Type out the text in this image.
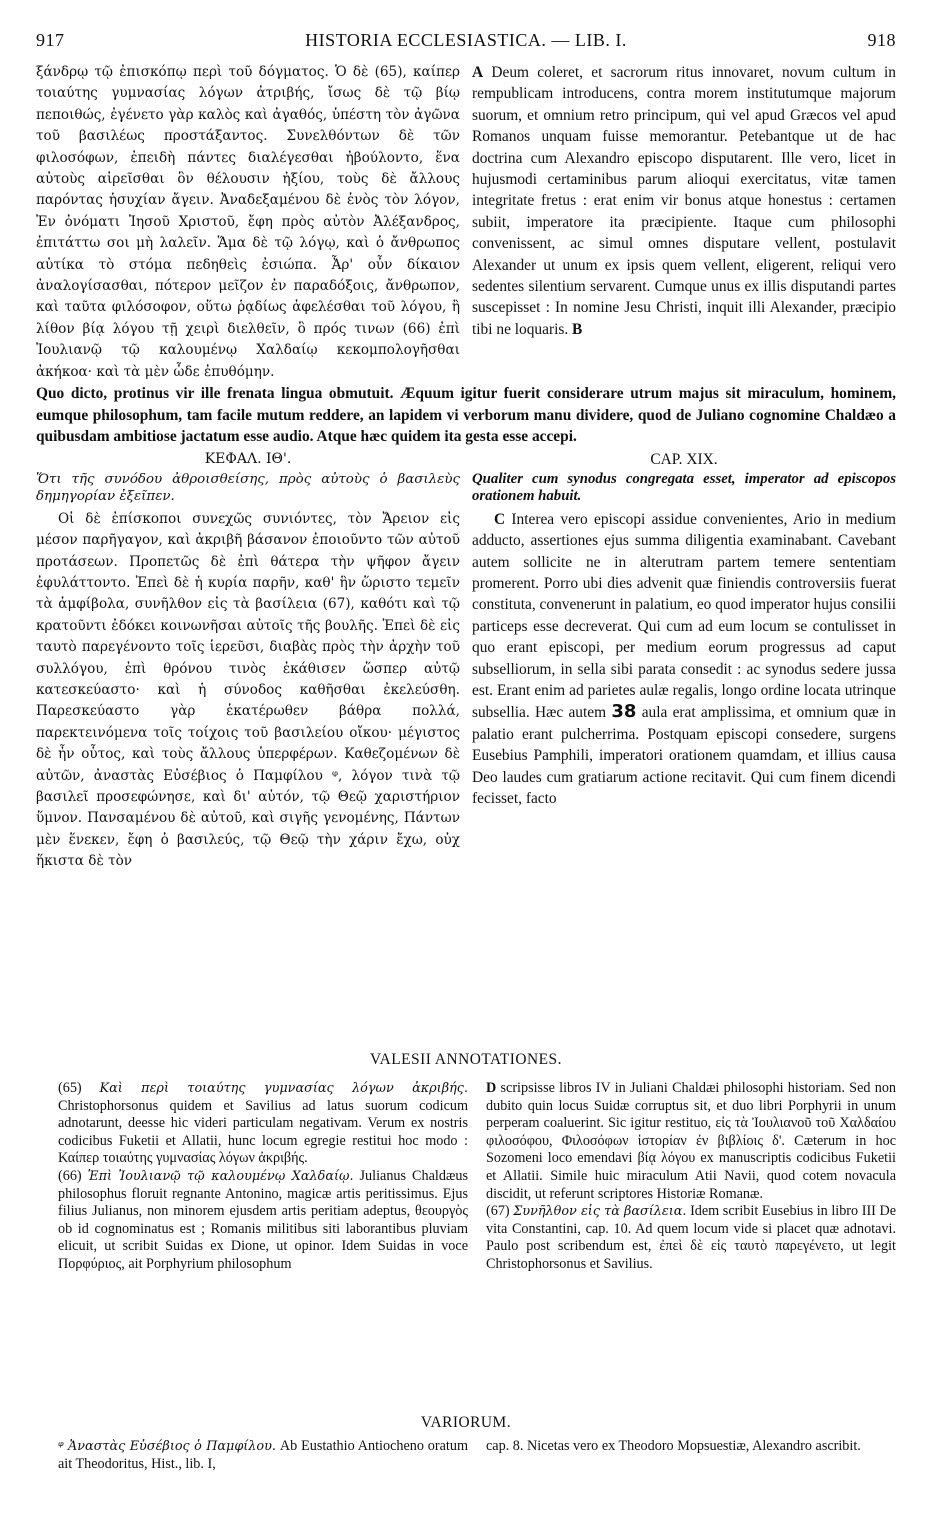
917	HISTORIA ECCLESIASTICA. — LIB. I.	918

ξάνδρῳ τῷ ἐπισκόπῳ περὶ τοῦ δόγματος. Ὁ δὲ (65), καίπερ τοιαύτης γυμνασίας λόγων ἀτριβής, ἴσως δὲ τῷ βίῳ πεποιθώς, ἐγένετο γὰρ καλὸς καὶ ἀγαθός, ὑπέστη τὸν ἀγῶνα τοῦ βασιλέως προστάξαντος. Συνελθόντων δὲ τῶν φιλοσόφων, ἐπειδὴ πάντες διαλέγεσθαι ἠβούλοντο, ἕνα αὐτοὺς αἱρεῖσθαι ὃν θέλουσιν ἠξίου, τοὺς δὲ ἄλλους παρόντας ἡσυχίαν ἄγειν. Ἀναδεξαμένου δὲ ἑνὸς τὸν λόγον, Ἐν ὀνόματι Ἰησοῦ Χριστοῦ, ἔφη πρὸς αὐτὸν Ἀλέξανδρος, ἐπιτάττω σοι μὴ λαλεῖν. Ἅμα δὲ τῷ λόγῳ, καὶ ὁ ἄνθρωπος αὐτίκα τὸ στόμα πεδηθεὶς ἐσιώπα. Ἆρ' οὖν δίκαιον ἀναλογίσασθαι, πότερον μεῖζον ἐν παραδόξοις, ἄνθρωπον, καὶ ταῦτα φιλόσοφον, οὕτω ῥᾳδίως ἀφελέσθαι τοῦ λόγου, ἢ λίθον βίᾳ λόγου τῇ χειρὶ διελθεῖν, ὃ πρός τινων (66) ἐπὶ Ἰουλιανῷ τῷ καλουμένῳ Χαλδαίῳ κεκομπολογῆσθαι ἀκήκοα· καὶ τὰ μὲν ὧδε ἐπυθόμην.

A Deum coleret, et sacrorum ritus innovaret, novum cultum in rempublicam introducens, contra morem institutumque majorum suorum, et omnium retro principum, qui vel apud Græcos vel apud Romanos unquam fuisse memorantur. Petebantque ut de hac doctrina cum Alexandro episcopo disputarent. Ille vero, licet in hujusmodi certaminibus parum alioqui exercitatus, vitæ tamen integritate fretus : erat enim vir bonus atque honestus : certamen subiit, imperatore ita præcipiente. Itaque cum philosophi convenissent, ac simul omnes disputare vellent, postulavit Alexander ut unum ex ipsis quem vellent, eligerent, reliqui vero sedentes silentium servarent. Cumque unus ex illis disputandi partes suscepisset : In nomine Jesu Christi, inquit illi Alexander, præcipio tibi ne loquaris. B

Quo dicto, protinus vir ille frenata lingua obmutuit. Æquum igitur fuerit considerare utrum majus sit miraculum, hominem, eumque philosophum, tam facile mutum reddere, an lapidem vi verborum manu dividere, quod de Juliano cognomine Chaldæo a quibusdam ambitiose jactatum esse audio. Atque hæc quidem ita gesta esse accepi.

ΚΕΦΑΛ. ΙΘ'.	CAP. XIX.

Ὅτι τῆς συνόδου ἀθροισθείσης, πρὸς αὐτοὺς ὁ βασιλεὺς δημηγορίαν ἐξεῖπεν.

Qualiter cum synodus congregata esset, imperator ad episcopos orationem habuit.

Οἱ δὲ ἐπίσκοποι συνεχῶς συνιόντες, τὸν Ἄρειον εἰς μέσον παρῆγαγον, καὶ ἀκριβῆ βάσανον ἐποιοῦντο τῶν αὐτοῦ προτάσεων. Προπετῶς δὲ ἐπὶ θάτερα τὴν ψῆφον ἄγειν ἐφυλάττοντο. Ἐπεὶ δὲ ἡ κυρία παρῆν, καθ' ἣν ὥριστο τεμεῖν τὰ ἀμφίβολα, συνῆλθον εἰς τὰ βασίλεια (67), καθότι καὶ τῷ κρατοῦντι ἐδόκει κοινωνῆσαι αὐτοῖς τῆς βουλῆς. Ἐπεὶ δὲ εἰς ταυτὸ παρεγένοντο τοῖς ἱερεῦσι, διαβὰς πρὸς τὴν ἀρχὴν τοῦ συλλόγου, ἐπὶ θρόνου τινὸς ἐκάθισεν ὥσπερ αὐτῷ κατεσκεύαστο· καὶ ἡ σύνοδος καθῆσθαι ἐκελεύσθη. Παρεσκεύαστο γὰρ ἑκατέρωθεν βάθρα πολλά, παρεκτεινόμενα τοῖς τοίχοις τοῦ βασιλείου οἴκου· μέγιστος δὲ ἦν οὗτος, καὶ τοὺς ἄλλους ὑπερφέρων. Καθεζομένων δὲ αὐτῶν, ἀναστὰς Εὐσέβιος ὁ Παμφίλου ᵠ, λόγον τινὰ τῷ βασιλεῖ προσεφώνησε, καὶ δι' αὐτόν, τῷ Θεῷ χαριστήριον ὕμνον. Πανσαμένου δὲ αὐτοῦ, καὶ σιγῆς γενομένης, Πάντων μὲν ἕνεκεν, ἔφη ὁ βασιλεύς, τῷ Θεῷ τὴν χάριν ἔχω, οὐχ ἥκιστα δὲ τὸν

C Interea vero episcopi assidue convenientes, Ario in medium adducto, assertiones ejus summa diligentia examinabant. Cavebant autem sollicite ne in alterutram partem temere sententiam promerent. Porro ubi dies advenit quæ finiendis controversiis fuerat constituta, convenerunt in palatium, eo quod imperator hujus consilii particeps esse decreverat. Qui cum ad eum locum se contulisset in quo erant episcopi, per medium eorum progressus ad caput subselliorum, in sella sibi parata consedit : ac synodus sedere jussa est. Erant enim ad parietes aulæ regalis, longo ordine locata utrinque subsellia. Hæc autem 38 aula erat amplissima, et omnium quæ in palatio erant pulcherrima. Postquam episcopi consedere, surgens Eusebius Pamphili, imperatori orationem quamdam, et illius causa Deo laudes cum gratiarum actione recitavit. Qui cum finem dicendi fecisset, facto

VALESII ANNOTATIONES.

(65) Καὶ περὶ τοιαύτης γυμνασίας λόγων ἀκριβής. Christophorsonus quidem et Savilius ad latus suorum codicum adnotarunt, deesse hic videri particulam negativam. Verum ex nostris codicibus Fuketii et Allatii, hunc locum egregie restitui hoc modo : Καίπερ τοιαύτης γυμνασίας λόγων ἀκριβής.

(66) Ἐπὶ Ἰουλιανῷ τῷ καλουμένῳ Χαλδαίῳ. Julianus Chaldæus philosophus floruit regnante Antonino, magicæ artis peritissimus. Ejus filius Julianus, non minorem ejusdem artis peritiam adeptus, θεουργὸς ob id cognominatus est ; Romanis militibus siti laborantibus pluviam elicuit, ut scribit Suidas ex Dione, ut opinor. Idem Suidas in voce Πορφύριος, ait Porphyrium philosophum

D scripsisse libros IV in Juliani Chaldæi philosophi historiam. Sed non dubito quin locus Suidæ corruptus sit, et duo libri Porphyrii in unum perperam coaluerint. Sic igitur restituo, εἰς τὰ Ἰουλιανοῦ τοῦ Χαλδαίου φιλοσόφου, Φιλοσόφων ἱστορίαν ἐν βιβλίοις δ'. Cæterum in hoc Sozomeni loco emendavi βίᾳ λόγου ex manuscriptis codicibus Fuketii et Allatii. Simile huic miraculum Atii Navii, quod cotem novacula discidit, ut referunt scriptores Historiæ Romanæ.

(67) Συνῆλθον εἰς τὰ βασίλεια. Idem scribit Eusebius in libro III De vita Constantini, cap. 10. Ad quem locum vide si placet quæ adnotavi. Paulo post scribendum est, ἐπεὶ δὲ εἰς ταυτὸ παρεγένετο, ut legit Christophorsonus et Savilius.

VARIORUM.

ᵠ Ἀναστὰς Εὐσέβιος ὁ Παμφίλου. Ab Eustathio Antiocheno oratum ait Theodoritus, Hist., lib. I,

cap. 8. Nicetas vero ex Theodoro Mopsuestiæ, Alexandro ascribit.
